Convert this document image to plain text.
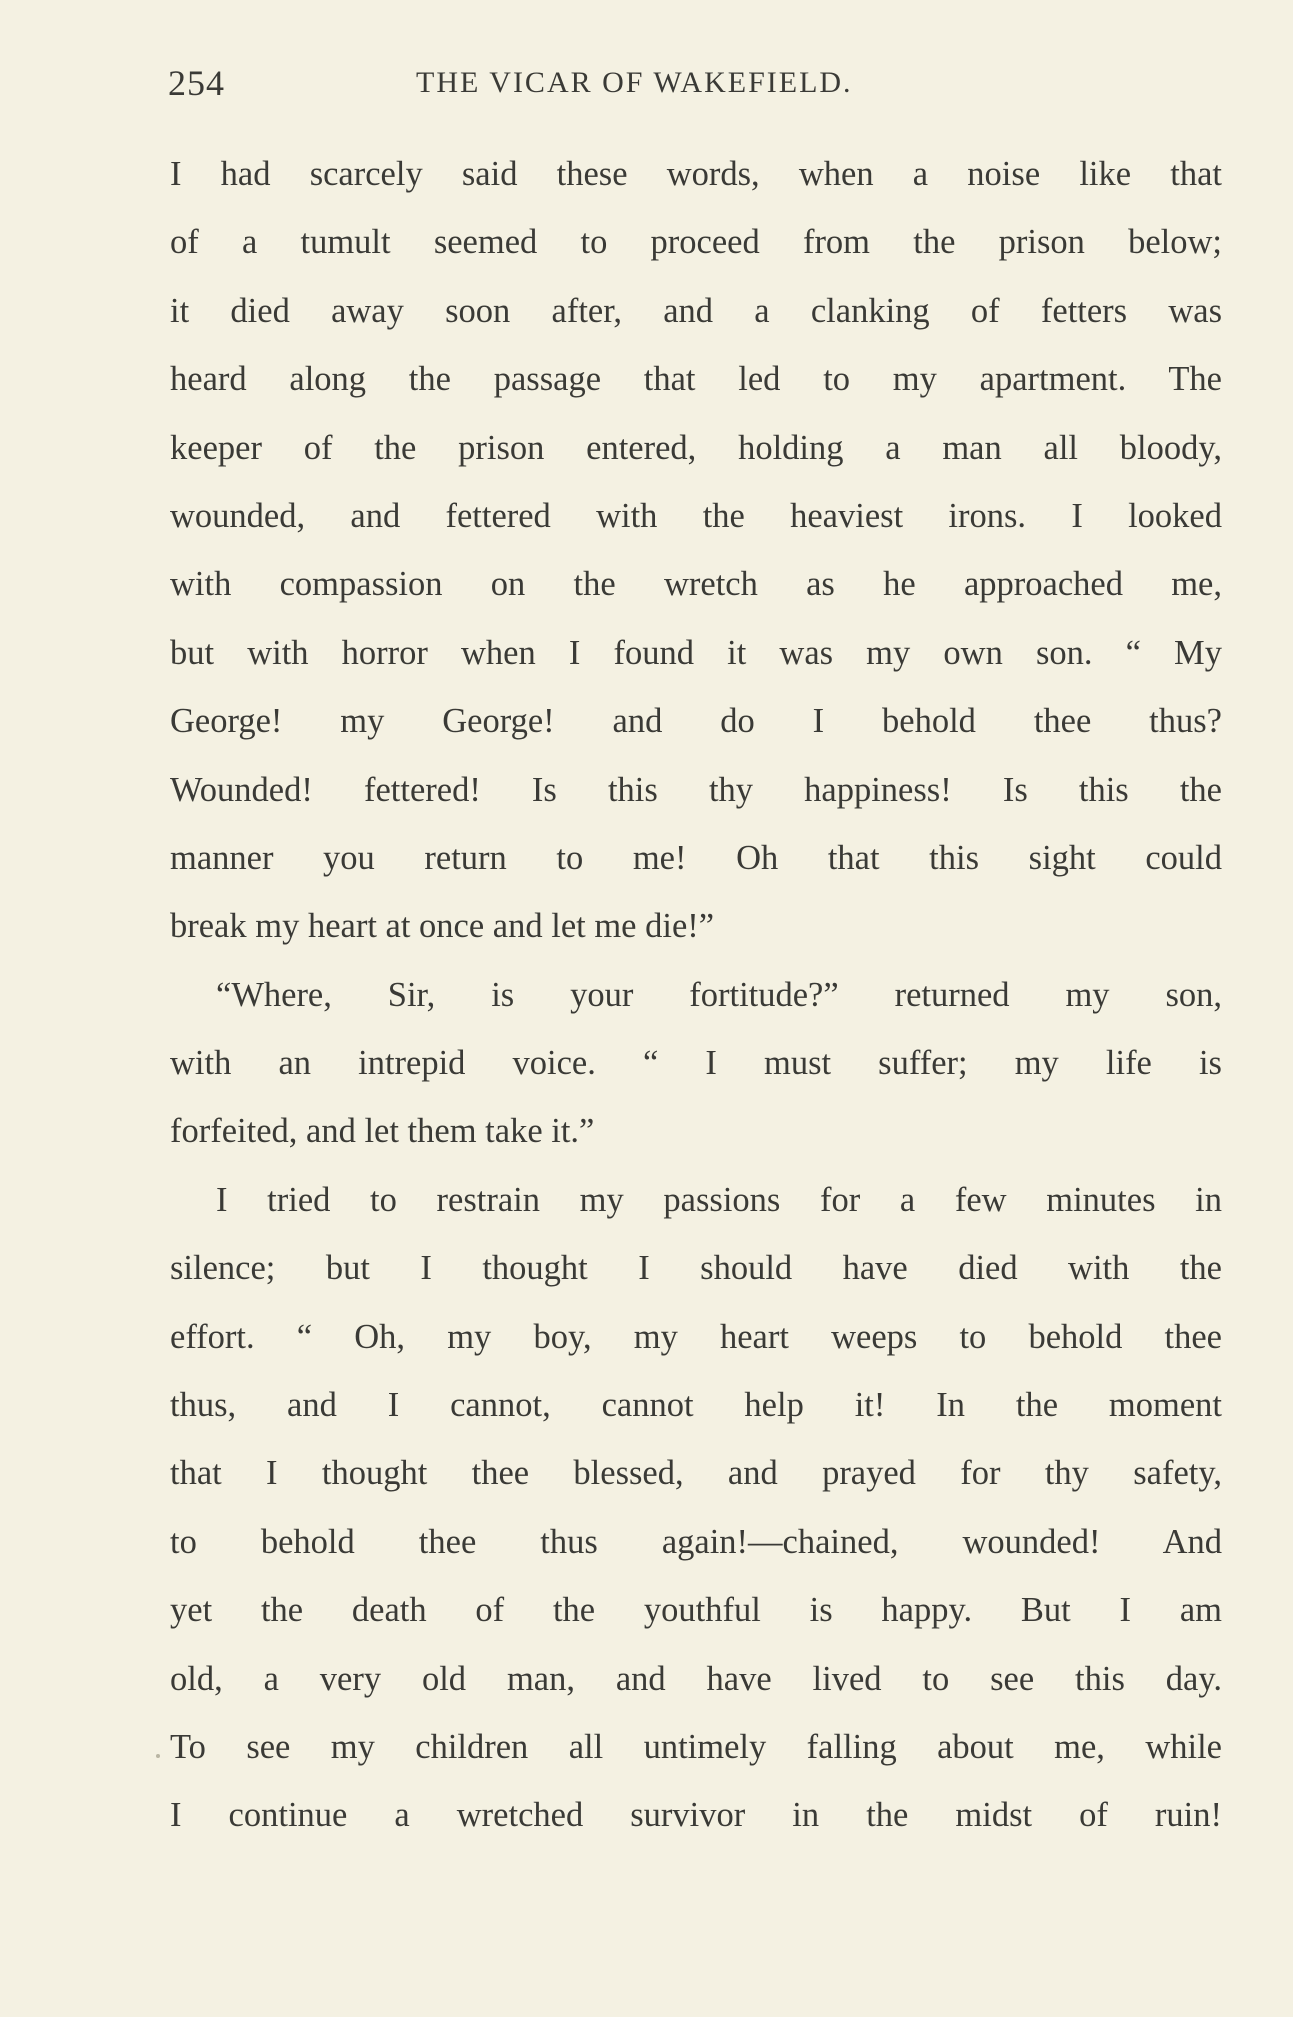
254	THE VICAR OF WAKEFIELD.
I had scarcely said these words, when a noise like that
of a tumult seemed to proceed from the prison below;
it died away soon after, and a clanking of fetters was
heard along the passage that led to my apartment. The
keeper of the prison entered, holding a man all bloody,
wounded, and fettered with the heaviest irons. I looked
with compassion on the wretch as he approached me,
but with horror when I found it was my own son. “ My
George! my George! and do I behold thee thus?
Wounded! fettered! Is this thy happiness! Is this the
manner you return to me! Oh that this sight could
break my heart at once and let me die!”
“Where, Sir, is your fortitude?” returned my son,
with an intrepid voice. “ I must suffer; my life is
forfeited, and let them take it.”
I tried to restrain my passions for a few minutes in
silence; but I thought I should have died with the
effort. “ Oh, my boy, my heart weeps to behold thee
thus, and I cannot, cannot help it! In the moment
that I thought thee blessed, and prayed for thy safety,
to behold thee thus again!—chained, wounded! And
yet the death of the youthful is happy. But I am
old, a very old man, and have lived to see this day.
To see my children all untimely falling about me, while
I continue a wretched survivor in the midst of ruin!
